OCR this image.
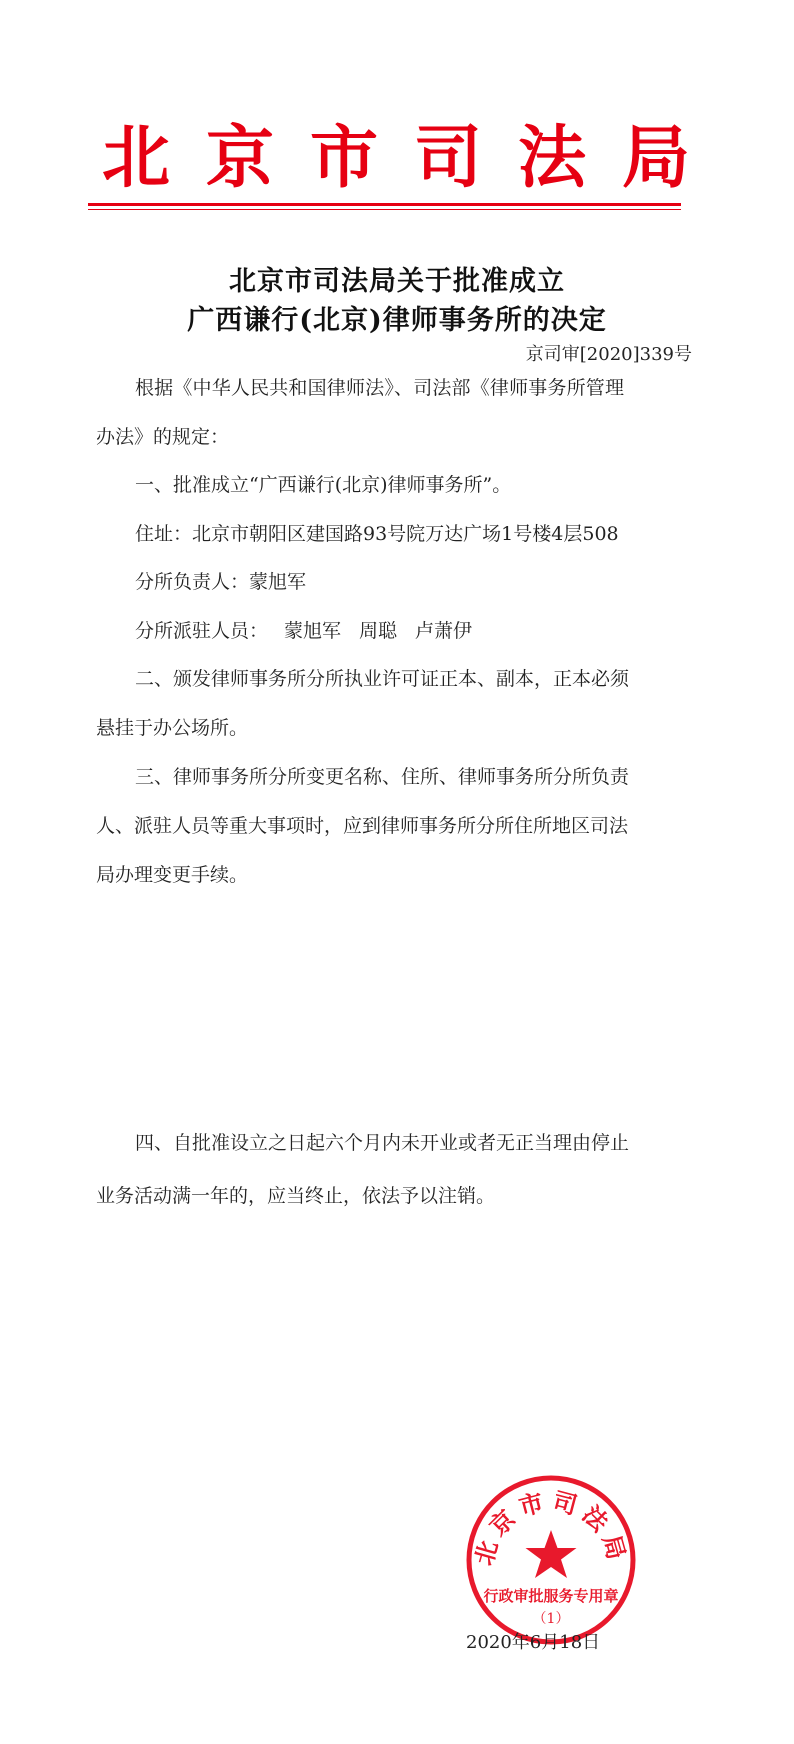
北 京 市 司 法 局
北京市司法局关于批准成立
广西谦行(北京)律师事务所的决定
京司审[2020]339号
根据《中华人民共和国律师法》、司法部《律师事务所管理
办法》的规定：
一、批准成立“广西谦行(北京)律师事务所”。
住址：北京市朝阳区建国路93号院万达广场1号楼4层508
分所负责人：蒙旭军
分所派驻人员： 蒙旭军 周聪 卢萧伊
二、颁发律师事务所分所执业许可证正本、副本，正本必须
悬挂于办公场所。
三、律师事务所分所变更名称、住所、律师事务所分所负责
人、派驻人员等重大事项时，应到律师事务所分所住所地区司法
局办理变更手续。
四、自批准设立之日起六个月内未开业或者无正当理由停止
业务活动满一年的，应当终止，依法予以注销。
北京市司法局
行政审批服务专用章
（1）
2020年6月18日
